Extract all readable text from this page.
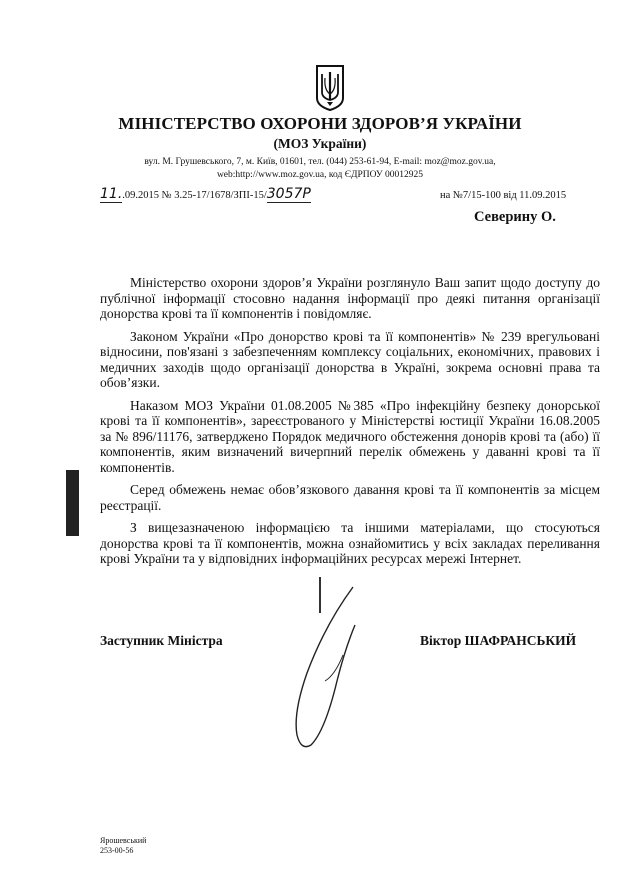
МІНІСТЕРСТВО ОХОРОНИ ЗДОРОВ’Я УКРАЇНИ
(МОЗ України)
вул. М. Грушевського, 7, м. Київ, 01601, тел. (044) 253-61-94, E-mail: moz@moz.gov.ua,
web:http://www.moz.gov.ua, код ЄДРПОУ 00012925
11..09.2015 № 3.25-17/1678/ЗПІ-15/3057Р	на №7/15-100 від 11.09.2015
Северину О.

Міністерство охорони здоров’я України розглянуло Ваш запит щодо доступу до публічної інформації стосовно надання інформації про деякі питання організації донорства крові та її компонентів і повідомляє.

Законом України «Про донорство крові та її компонентів» № 239 врегульовані відносини, пов'язані з забезпеченням комплексу соціальних, економічних, правових і медичних заходів щодо організації донорства в Україні, зокрема основні права та обов’язки.

Наказом МОЗ України 01.08.2005 №385 «Про інфекційну безпеку донорської крові та її компонентів», зареєстрованого у Міністерстві юстиції України 16.08.2005 за № 896/11176, затверджено Порядок медичного обстеження донорів крові та (або) її компонентів, яким визначений вичерпний перелік обмежень у даванні крові та її компонентів.

Серед обмежень немає обов’язкового давання крові та її компонентів за місцем реєстрації.

З вищезазначеною інформацією та іншими матеріалами, що стосуються донорства крові та її компонентів, можна ознайомитись у всіх закладах переливання крові України та у відповідних інформаційних ресурсах мережі Інтернет.

Заступник Міністра	Віктор ШАФРАНСЬКИЙ
Ярошевський
253-00-56
